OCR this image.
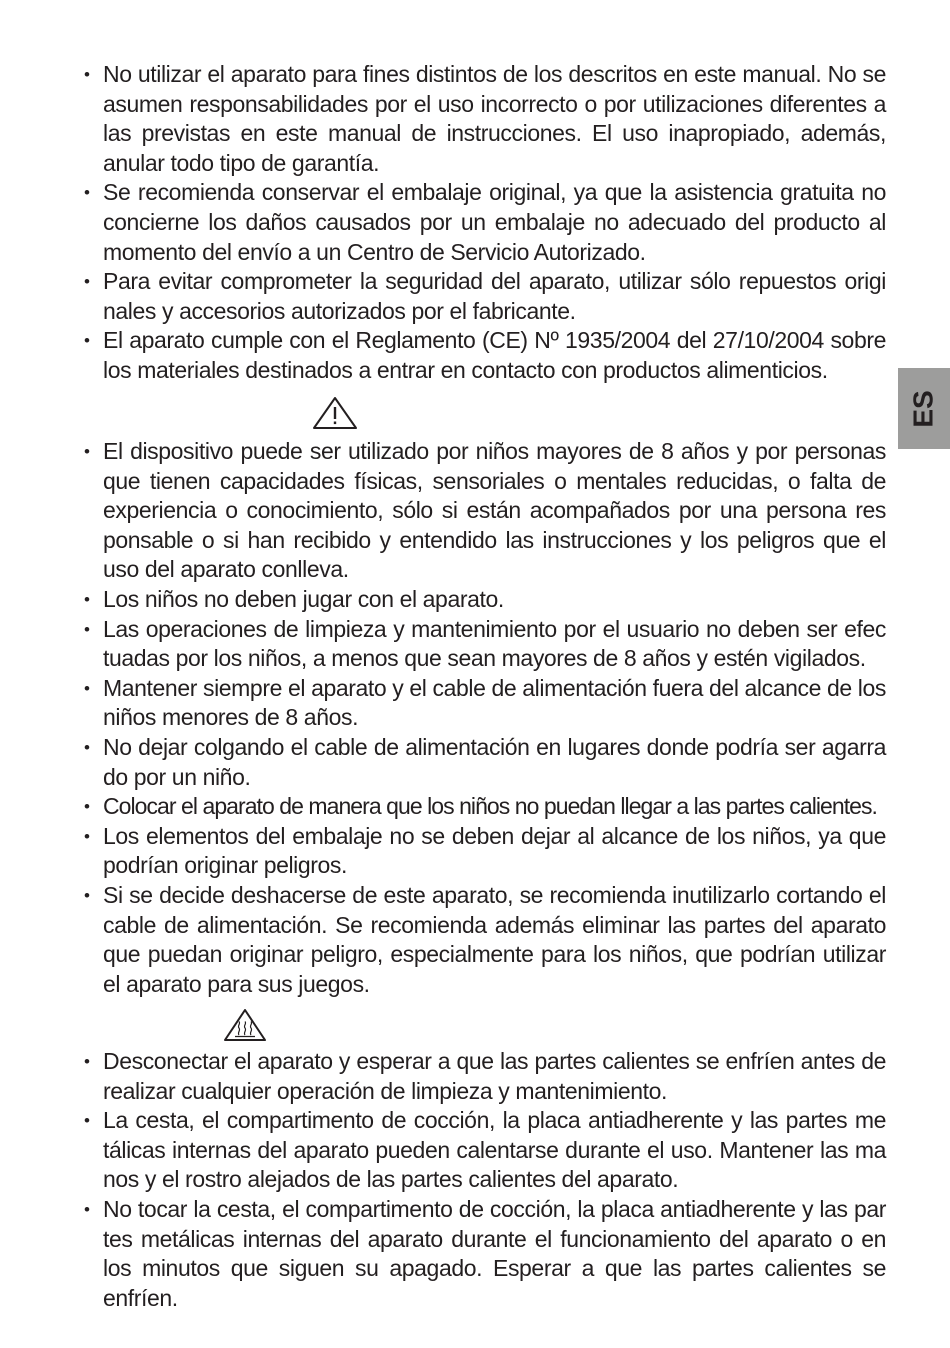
• No utilizar el aparato para fines distintos de los descritos en este manual. No se asumen responsabilidades por el uso incorrecto o por utilizaciones diferentes a las previstas en este manual de instrucciones. El uso inapropiado, además, anular todo tipo de garantía.
• Se recomienda conservar el embalaje original, ya que la asistencia gratuita no concierne los daños causados por un embalaje no adecuado del producto al momento del envío a un Centro de Servicio Autorizado.
• Para evitar comprometer la seguridad del aparato, utilizar sólo repuestos origi nales y accesorios autorizados por el fabricante.
• El aparato cumple con el Reglamento (CE) Nº 1935/2004 del 27/10/2004 sobre los materiales destinados a entrar en contacto con productos alimenticios.
• El dispositivo puede ser utilizado por niños mayores de 8 años y por personas que tienen capacidades físicas, sensoriales o mentales reducidas, o falta de experiencia o conocimiento, sólo si están acompañados por una persona res ponsable o si han recibido y entendido las instrucciones y los peligros que el uso del aparato conlleva.
• Los niños no deben jugar con el aparato.
• Las operaciones de limpieza y mantenimiento por el usuario no deben ser efec tuadas por los niños, a menos que sean mayores de 8 años y estén vigilados.
• Mantener siempre el aparato y el cable de alimentación fuera del alcance de los niños menores de 8 años.
• No dejar colgando el cable de alimentación en lugares donde podría ser agarra do por un niño.
• Colocar el aparato de manera que los niños no puedan llegar a las partes calientes.
• Los elementos del embalaje no se deben dejar al alcance de los niños, ya que podrían originar peligros.
• Si se decide deshacerse de este aparato, se recomienda inutilizarlo cortando el cable de alimentación. Se recomienda además eliminar las partes del aparato que puedan originar peligro, especialmente para los niños, que podrían utilizar el aparato para sus juegos.
• Desconectar el aparato y esperar a que las partes calientes se enfríen antes de realizar cualquier operación de limpieza y mantenimiento.
• La cesta, el compartimento de cocción, la placa antiadherente y las partes me tálicas internas del aparato pueden calentarse durante el uso. Mantener las ma nos y el rostro alejados de las partes calientes del aparato.
• No tocar la cesta, el compartimento de cocción, la placa antiadherente y las par tes metálicas internas del aparato durante el funcionamiento del aparato o en los minutos que siguen su apagado. Esperar a que las partes calientes se enfríen.
ES
